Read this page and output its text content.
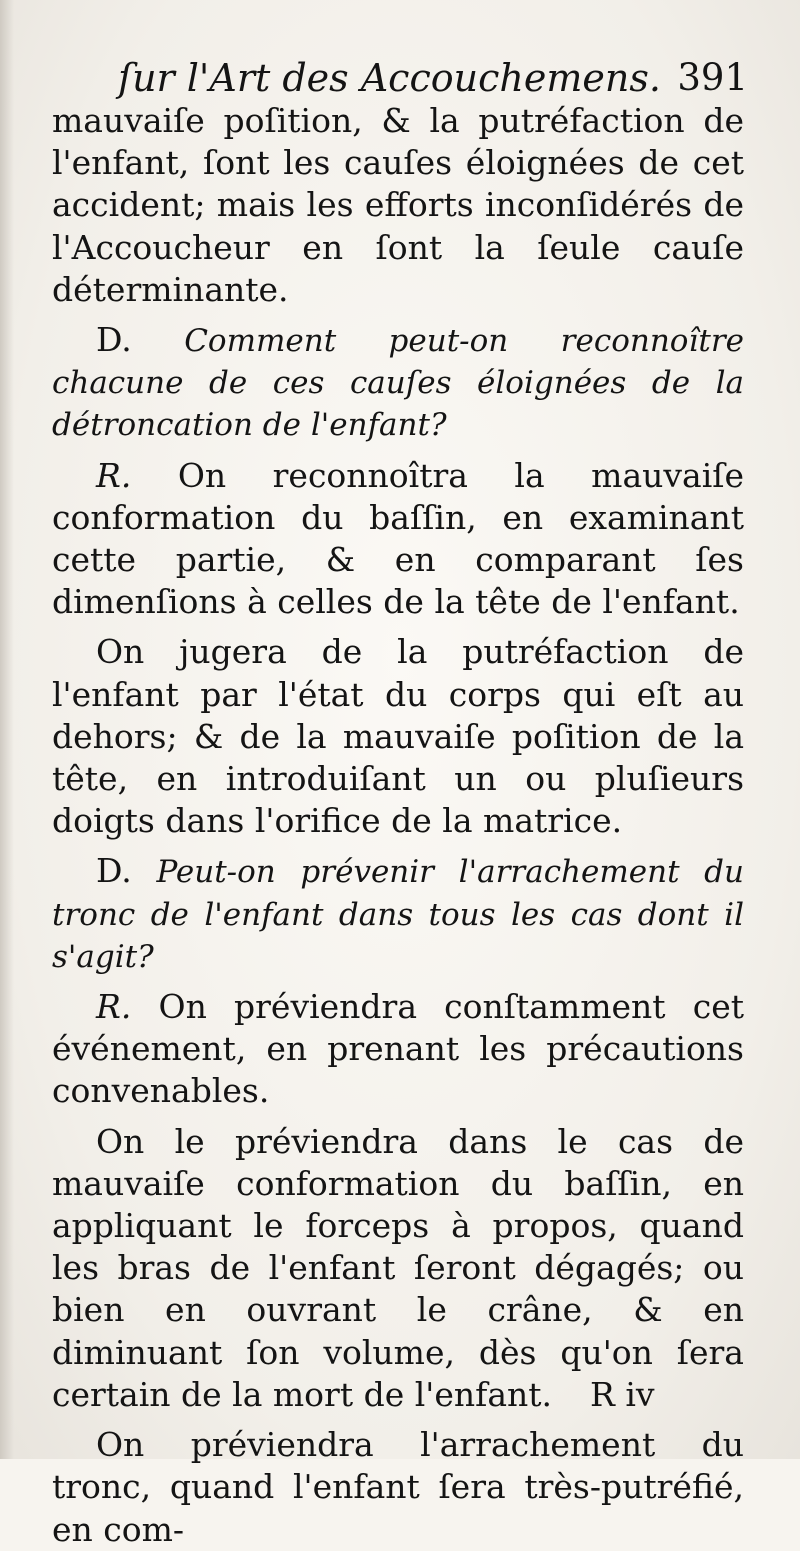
ſur l'Art des Accouchemens. 391

mauvaiſe poſition, & la putréfaction de l'enfant, ſont les cauſes éloignées de cet accident; mais les efforts inconſidérés de l'Accoucheur en ſont la ſeule cauſe déterminante.

D. Comment peut-on reconnoître chacune de ces cauſes éloignées de la détroncation de l'enfant?

R. On reconnoîtra la mauvaiſe conformation du baſſin, en examinant cette partie, & en comparant ſes dimenſions à celles de la tête de l'enfant.

On jugera de la putréfaction de l'enfant par l'état du corps qui eſt au dehors; & de la mauvaiſe poſition de la tête, en introduiſant un ou pluſieurs doigts dans l'orifice de la matrice.

D. Peut-on prévenir l'arrachement du tronc de l'enfant dans tous les cas dont il s'agit?

R. On préviendra conſtamment cet événement, en prenant les précautions convenables.

On le préviendra dans le cas de mauvaiſe conformation du baſſin, en appliquant le forceps à propos, quand les bras de l'enfant ſeront dégagés; ou bien en ouvrant le crâne, & en diminuant ſon volume, dès qu'on ſera certain de la mort de l'enfant.

On préviendra l'arrachement du tronc, quand l'enfant ſera très-putréfié, en com-

R iv
